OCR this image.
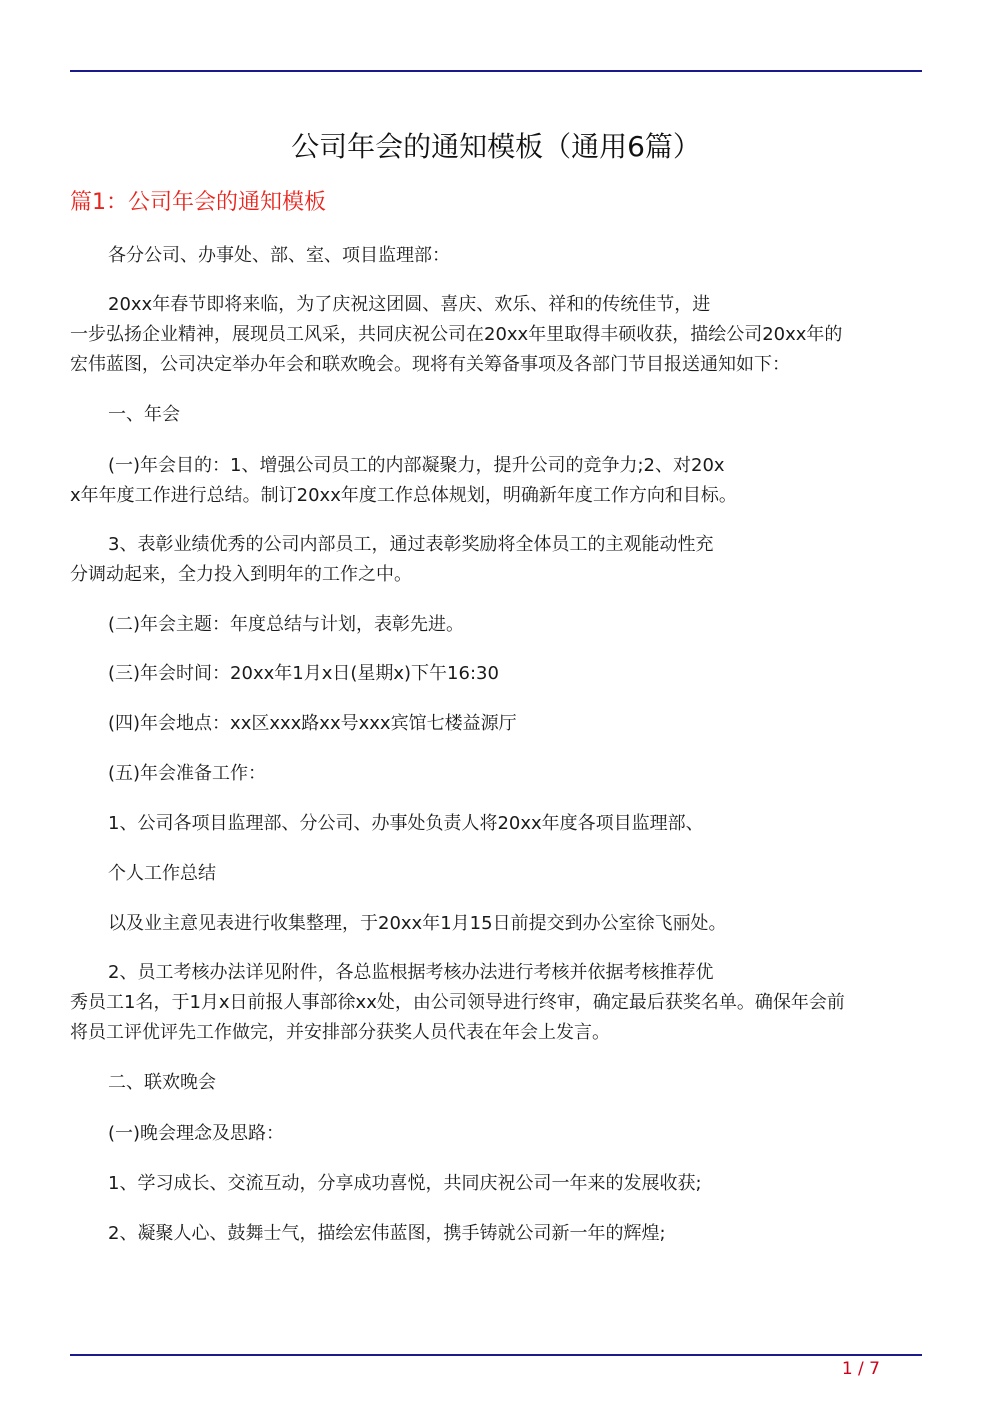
公司年会的通知模板（通用6篇）
篇1：公司年会的通知模板
各分公司、办事处、部、室、项目监理部：
20xx年春节即将来临，为了庆祝这团圆、喜庆、欢乐、祥和的传统佳节，进
一步弘扬企业精神，展现员工风采，共同庆祝公司在20xx年里取得丰硕收获，描绘公司20xx年的
宏伟蓝图，公司决定举办年会和联欢晚会。现将有关筹备事项及各部门节目报送通知如下：
一、年会
(一)年会目的：1、增强公司员工的内部凝聚力，提升公司的竞争力;2、对20x
x年年度工作进行总结。制订20xx年度工作总体规划，明确新年度工作方向和目标。
3、表彰业绩优秀的公司内部员工，通过表彰奖励将全体员工的主观能动性充
分调动起来，全力投入到明年的工作之中。
(二)年会主题：年度总结与计划，表彰先进。
(三)年会时间：20xx年1月x日(星期x)下午16:30
(四)年会地点：xx区xxx路xx号xxx宾馆七楼益源厅
(五)年会准备工作：
1、公司各项目监理部、分公司、办事处负责人将20xx年度各项目监理部、
个人工作总结
以及业主意见表进行收集整理，于20xx年1月15日前提交到办公室徐飞丽处。
2、员工考核办法详见附件，各总监根据考核办法进行考核并依据考核推荐优
秀员工1名，于1月x日前报人事部徐xx处，由公司领导进行终审，确定最后获奖名单。确保年会前
将员工评优评先工作做完，并安排部分获奖人员代表在年会上发言。
二、联欢晚会
(一)晚会理念及思路：
1、学习成长、交流互动，分享成功喜悦，共同庆祝公司一年来的发展收获;
2、凝聚人心、鼓舞士气，描绘宏伟蓝图，携手铸就公司新一年的辉煌;
1 / 7
